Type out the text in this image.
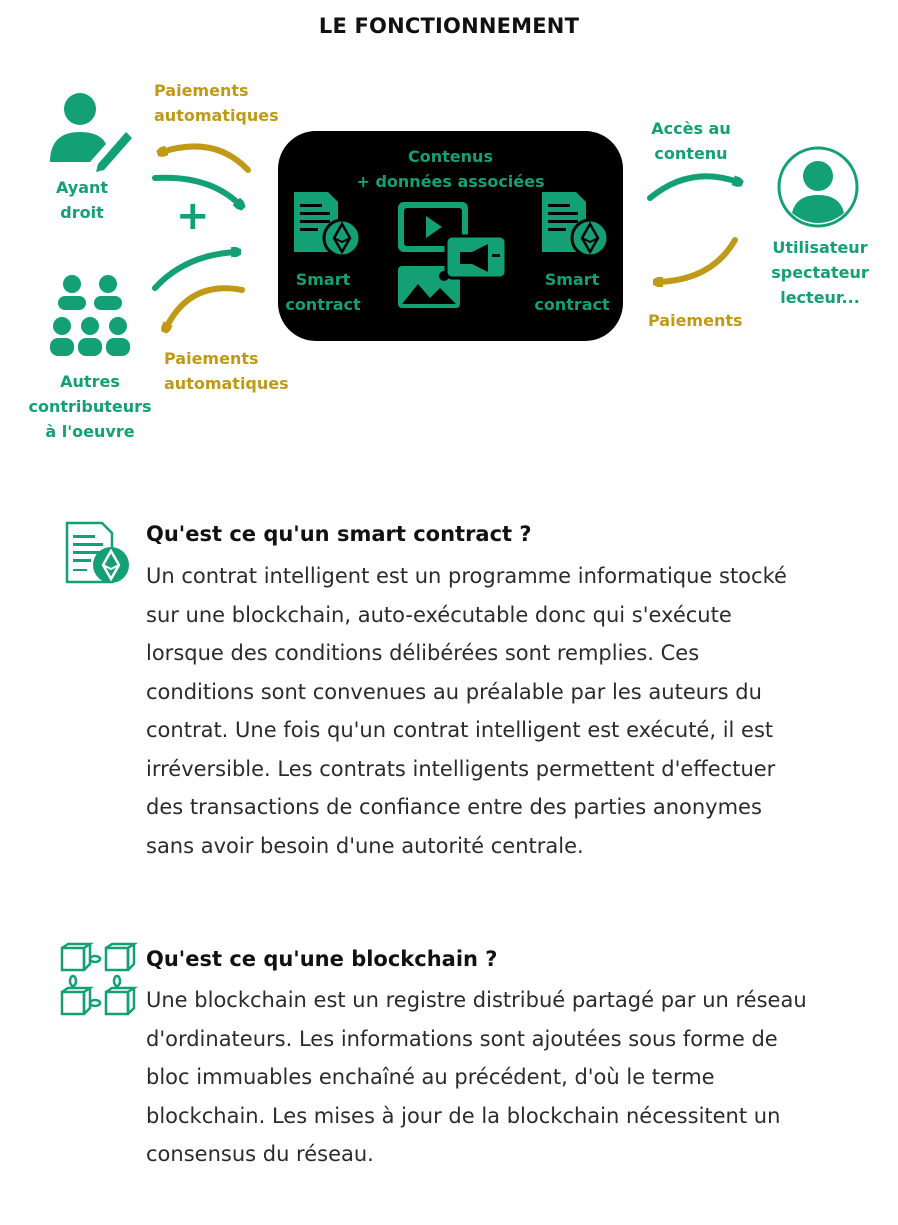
LE FONCTIONNEMENT
Ayant
droit	+
Autres
contributeurs
à l'oeuvre
Paiements
automatiques
Paiements
automatiques
Contenus
+ données associées
Smart
contract
Smart
contract
Accès au
contenu
Utilisateur
spectateur
lecteur...
Paiements
Qu'est ce qu'un smart contract ?
Un contrat intelligent est un programme informatique stocké
sur une blockchain, auto-exécutable donc qui s'exécute
lorsque des conditions délibérées sont remplies. Ces
conditions sont convenues au préalable par les auteurs du
contrat. Une fois qu'un contrat intelligent est exécuté, il est
irréversible. Les contrats intelligents permettent d'effectuer
des transactions de confiance entre des parties anonymes
sans avoir besoin d'une autorité centrale.
Qu'est ce qu'une blockchain ?
Une blockchain est un registre distribué partagé par un réseau
d'ordinateurs. Les informations sont ajoutées sous forme de
bloc immuables enchaîné au précédent, d'où le terme
blockchain. Les mises à jour de la blockchain nécessitent un
consensus du réseau.
